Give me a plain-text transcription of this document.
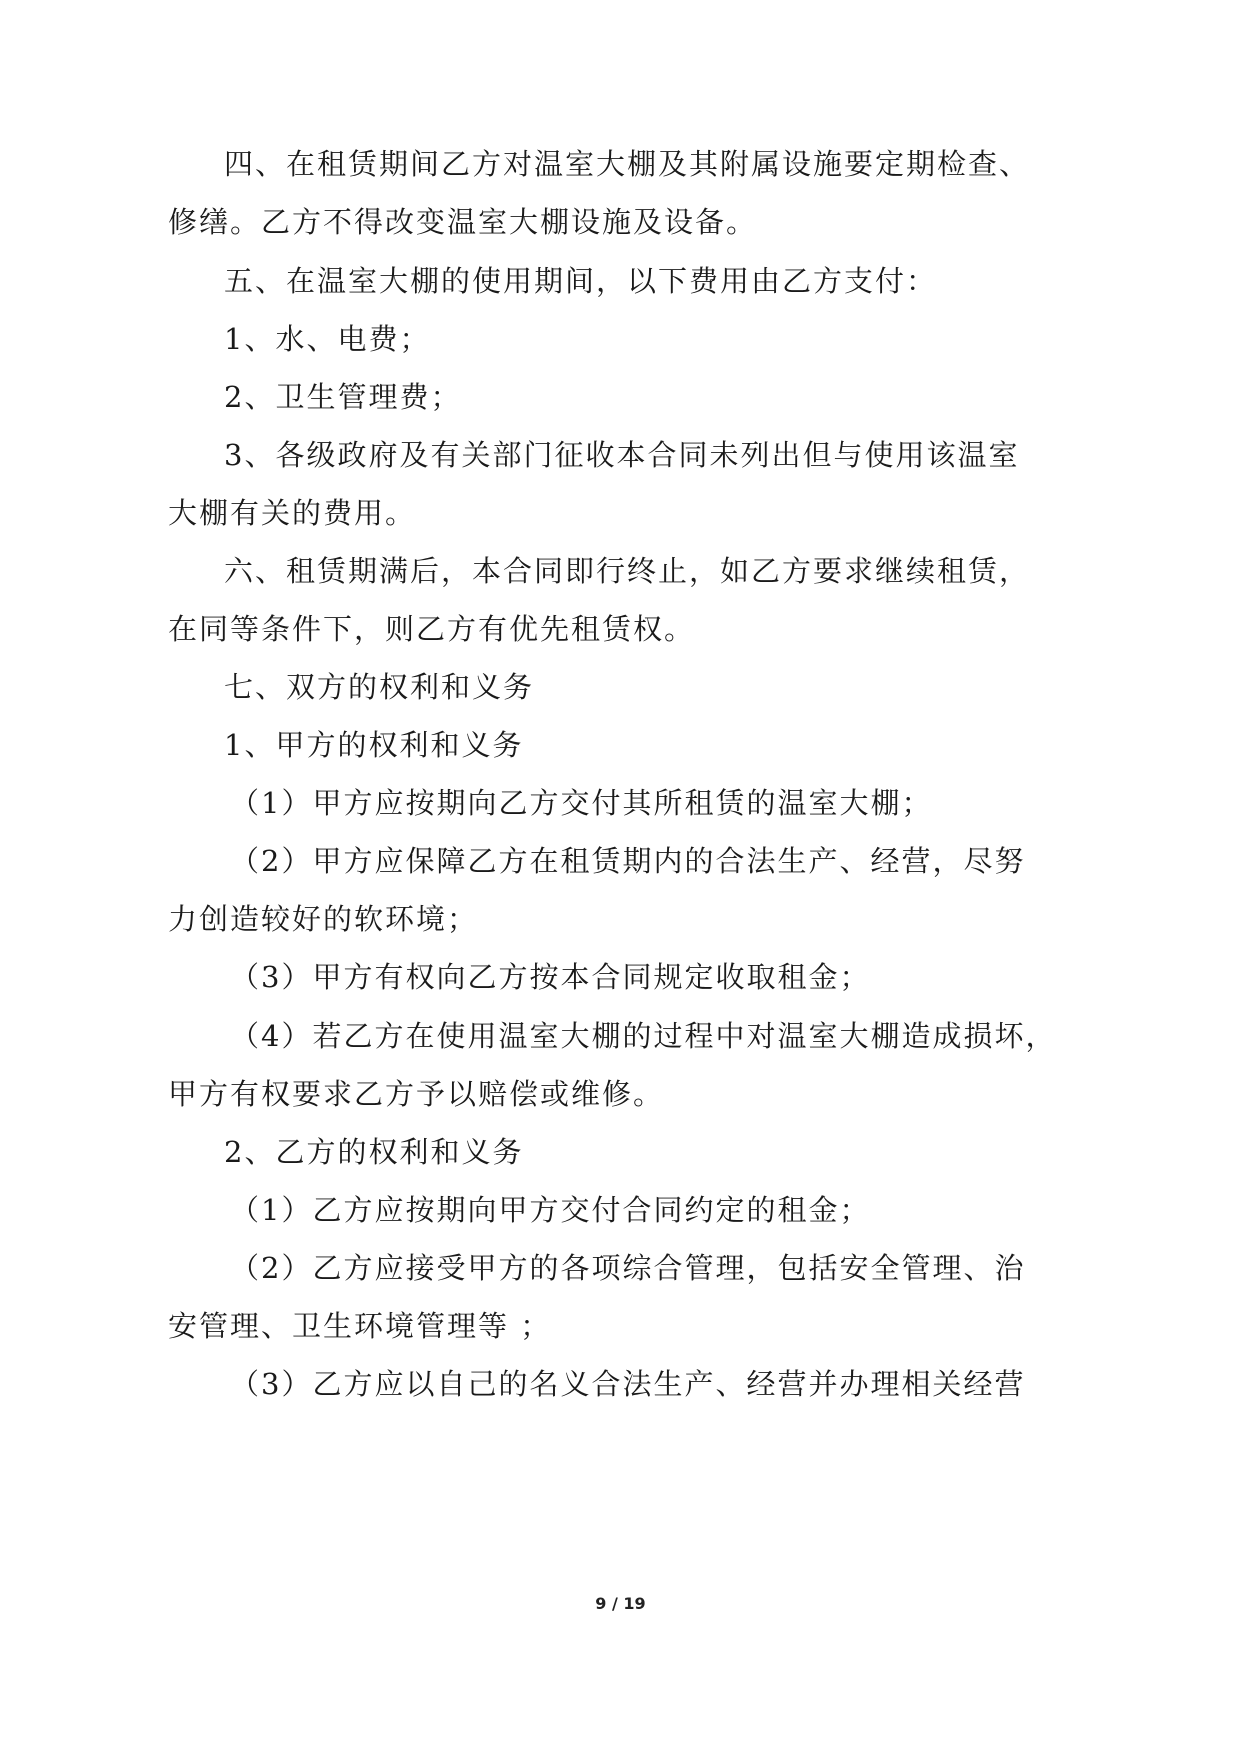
四、在租赁期间乙方对温室大棚及其附属设施要定期检查、
修缮。乙方不得改变温室大棚设施及设备。
五、在温室大棚的使用期间，以下费用由乙方支付：
1、水、电费；
2、卫生管理费；
3、各级政府及有关部门征收本合同未列出但与使用该温室
大棚有关的费用。
六、租赁期满后，本合同即行终止，如乙方要求继续租赁，
在同等条件下，则乙方有优先租赁权。
七、双方的权利和义务
1、甲方的权利和义务
（1）甲方应按期向乙方交付其所租赁的温室大棚；
（2）甲方应保障乙方在租赁期内的合法生产、经营，尽努
力创造较好的软环境；
（3）甲方有权向乙方按本合同规定收取租金；
（4）若乙方在使用温室大棚的过程中对温室大棚造成损坏，
甲方有权要求乙方予以赔偿或维修。
2、乙方的权利和义务
（1）乙方应按期向甲方交付合同约定的租金；
（2）乙方应接受甲方的各项综合管理，包括安全管理、治
安管理、卫生环境管理等 ；
（3）乙方应以自己的名义合法生产、经营并办理相关经营
9 / 19
